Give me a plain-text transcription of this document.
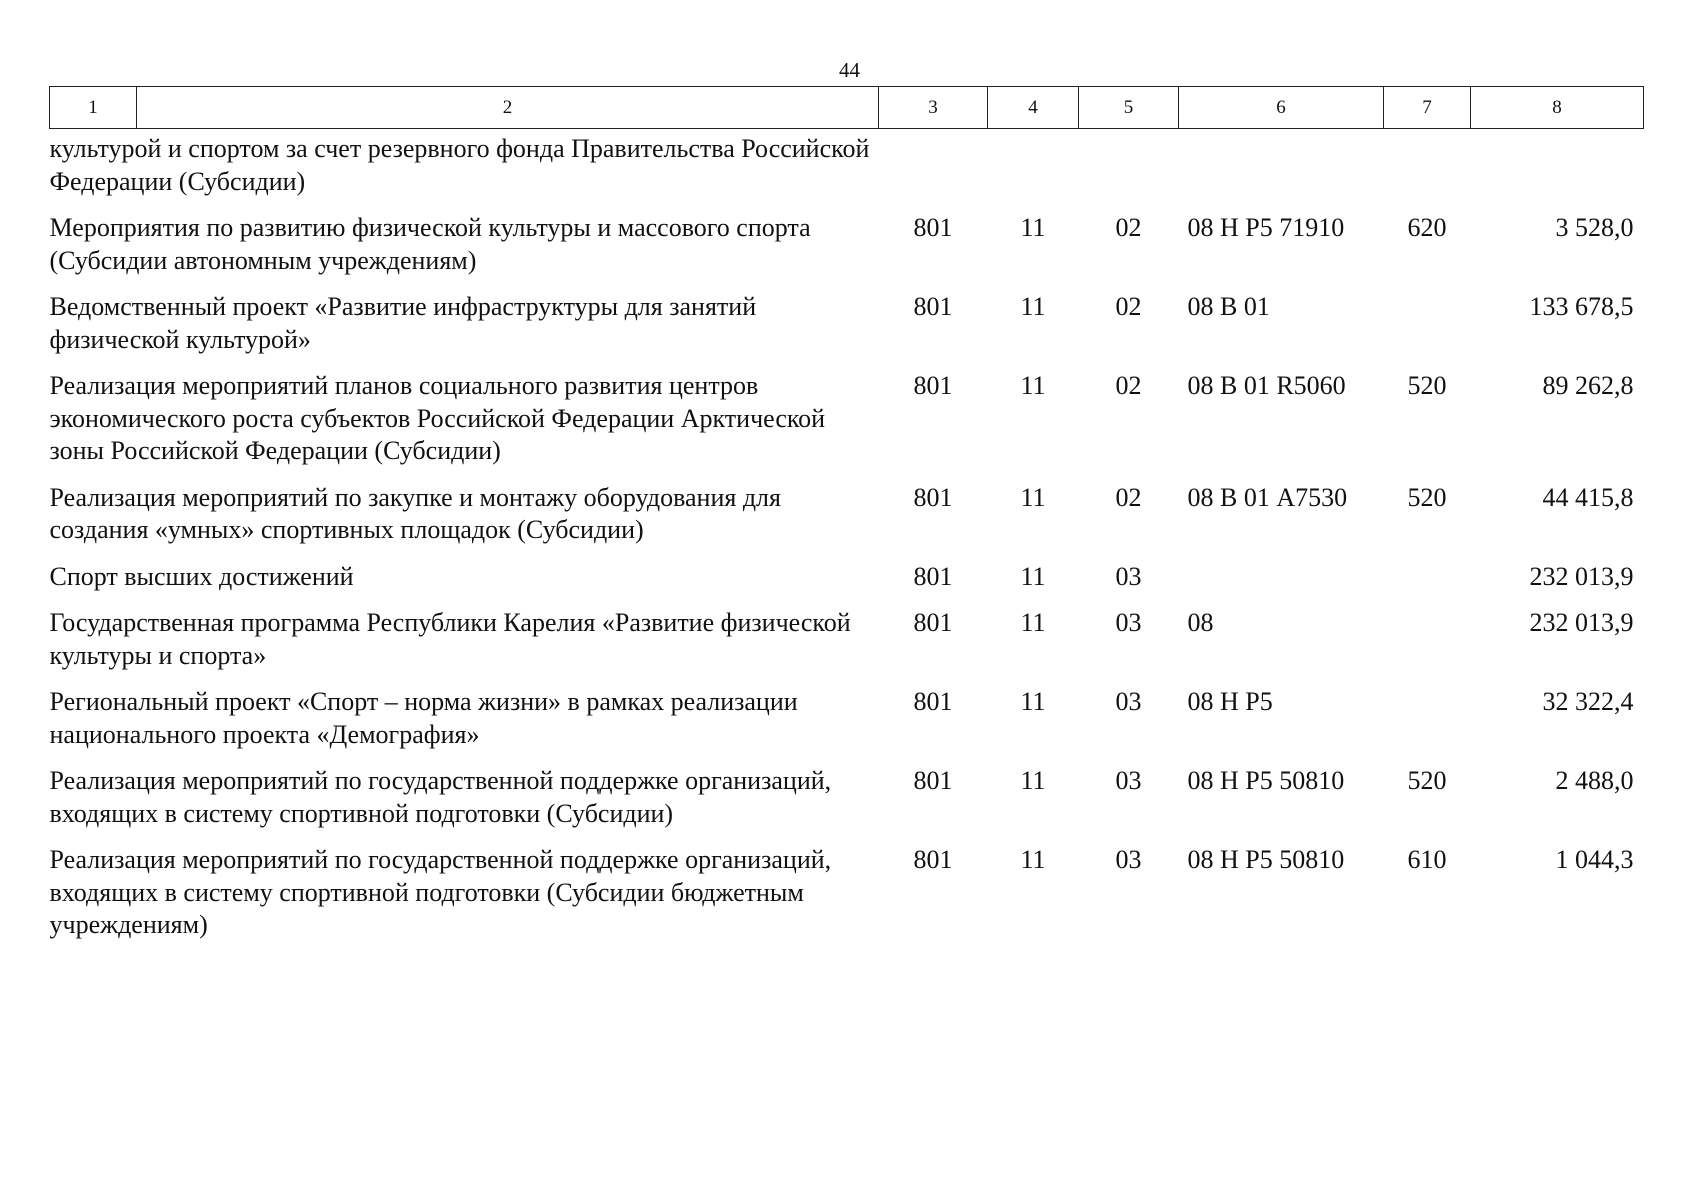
44
1	2	3	4	5	6	7	8
культурой и спортом за счет резервного фонда Правительства Российской Федерации (Субсидии)							
Мероприятия по развитию физической культуры и массового спорта (Субсидии автономным учреждениям)		801	11	02	08 Н Р5 71910	620	3 528,0
Ведомственный проект «Развитие инфраструктуры для занятий физической культурой»		801	11	02	08 В 01		133 678,5
Реализация мероприятий планов социального развития центров экономического роста субъектов Российской Федерации Арктической зоны Российской Федерации (Субсидии)		801	11	02	08 В 01 R5060	520	89 262,8
Реализация мероприятий по закупке и монтажу оборудования для создания «умных» спортивных площадок (Субсидии)		801	11	02	08 В 01 А7530	520	44 415,8
Спорт высших достижений		801	11	03			232 013,9
Государственная программа Республики Карелия «Развитие физической культуры и спорта»		801	11	03	08		232 013,9
Региональный проект «Спорт – норма жизни» в рамках реализации национального проекта «Демография»		801	11	03	08 Н Р5		32 322,4
Реализация мероприятий по государственной поддержке организаций, входящих в систему спортивной подготовки (Субсидии)		801	11	03	08 Н Р5 50810	520	2 488,0
Реализация мероприятий по государственной поддержке организаций, входящих в систему спортивной подготовки (Субсидии бюджетным учреждениям)		801	11	03	08 Н Р5 50810	610	1 044,3
